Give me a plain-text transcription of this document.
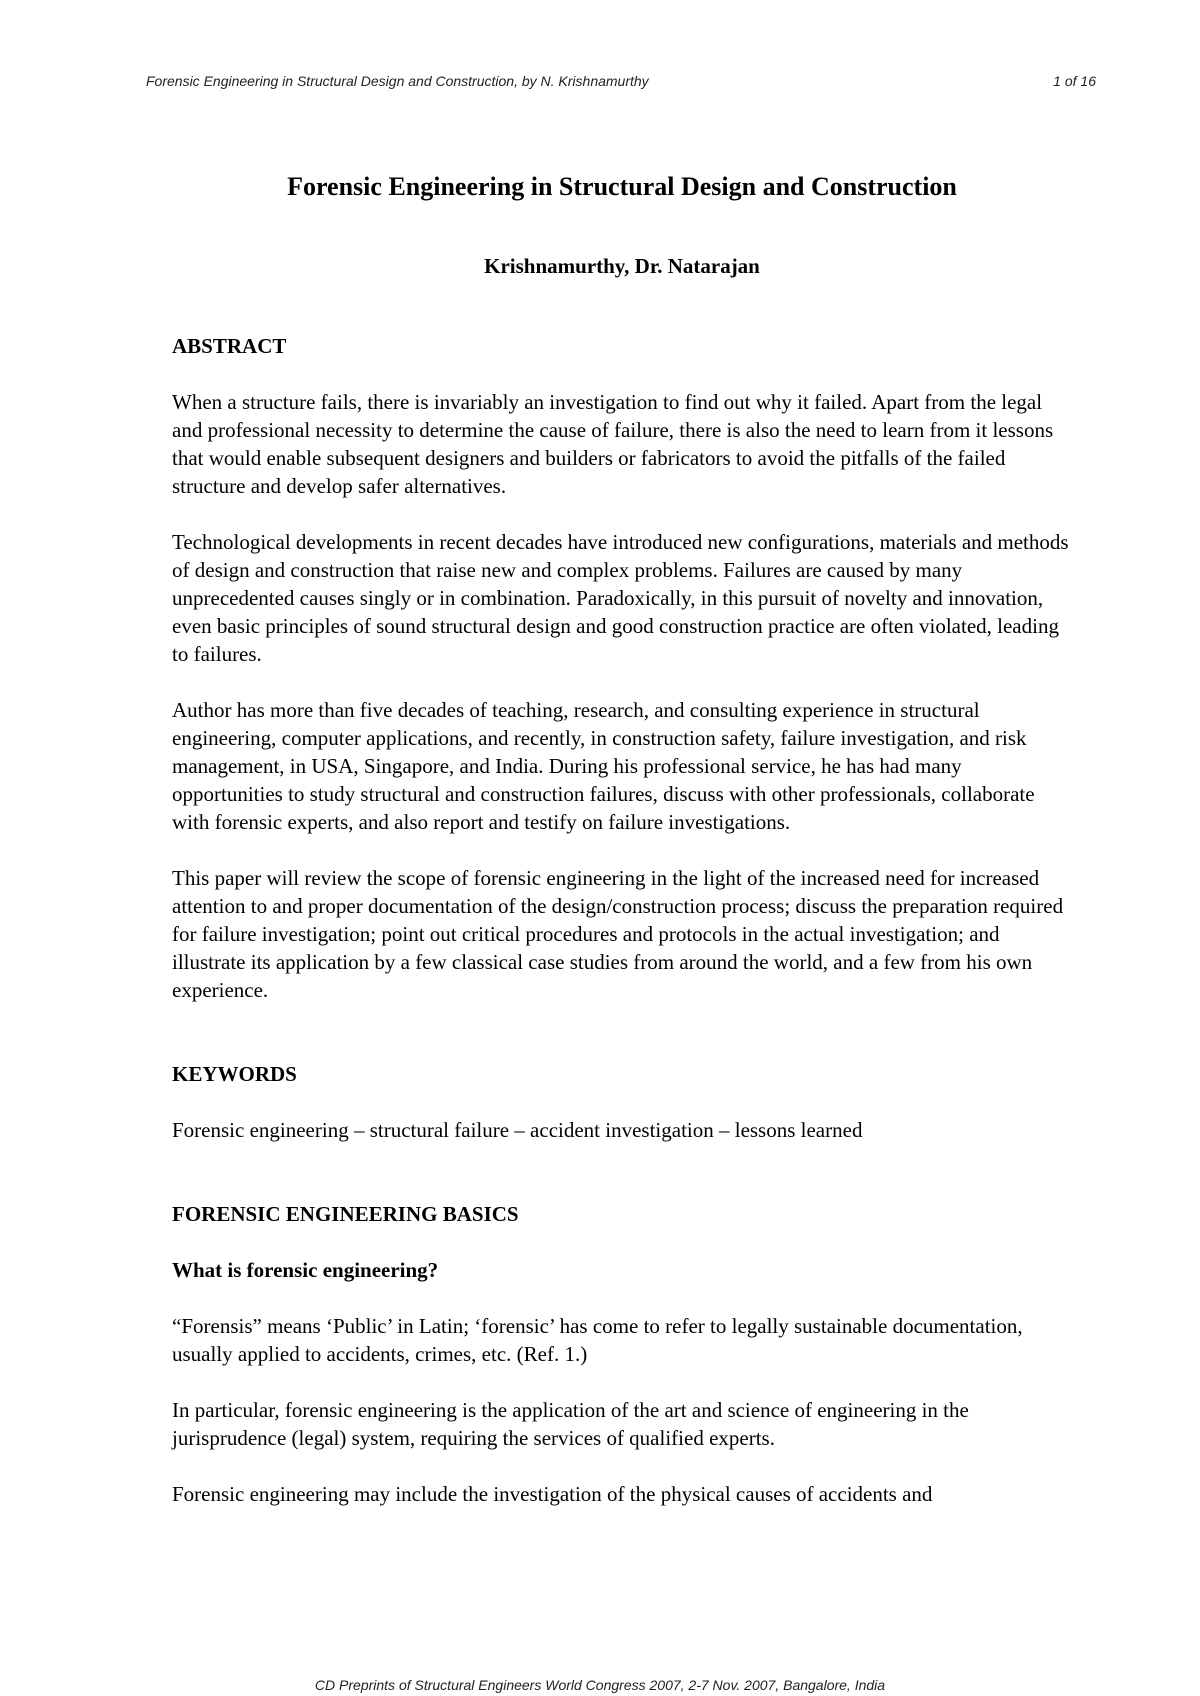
Forensic Engineering in Structural Design and Construction, by N. Krishnamurthy	1 of 16
Forensic Engineering in Structural Design and Construction
Krishnamurthy, Dr. Natarajan
ABSTRACT

When a structure fails, there is invariably an investigation to find out why it failed. Apart from the legal and professional necessity to determine the cause of failure, there is also the need to learn from it lessons that would enable subsequent designers and builders or fabricators to avoid the pitfalls of the failed structure and develop safer alternatives.

Technological developments in recent decades have introduced new configurations, materials and methods of design and construction that raise new and complex problems. Failures are caused by many unprecedented causes singly or in combination. Paradoxically, in this pursuit of novelty and innovation, even basic principles of sound structural design and good construction practice are often violated, leading to failures.

Author has more than five decades of teaching, research, and consulting experience in structural engineering, computer applications, and recently, in construction safety, failure investigation, and risk management, in USA, Singapore, and India. During his professional service, he has had many opportunities to study structural and construction failures, discuss with other professionals, collaborate with forensic experts, and also report and testify on failure investigations.

This paper will review the scope of forensic engineering in the light of the increased need for increased attention to and proper documentation of the design/construction process; discuss the preparation required for failure investigation; point out critical procedures and protocols in the actual investigation; and illustrate its application by a few classical case studies from around the world, and a few from his own experience.

KEYWORDS

Forensic engineering – structural failure – accident investigation – lessons learned

FORENSIC ENGINEERING BASICS
What is forensic engineering?

“Forensis” means ‘Public’ in Latin; ‘forensic’ has come to refer to legally sustainable documentation, usually applied to accidents, crimes, etc. (Ref. 1.)

In particular, forensic engineering is the application of the art and science of engineering in the jurisprudence (legal) system, requiring the services of qualified experts.

Forensic engineering may include the investigation of the physical causes of accidents and

CD Preprints of Structural Engineers World Congress 2007, 2-7 Nov. 2007, Bangalore, India
